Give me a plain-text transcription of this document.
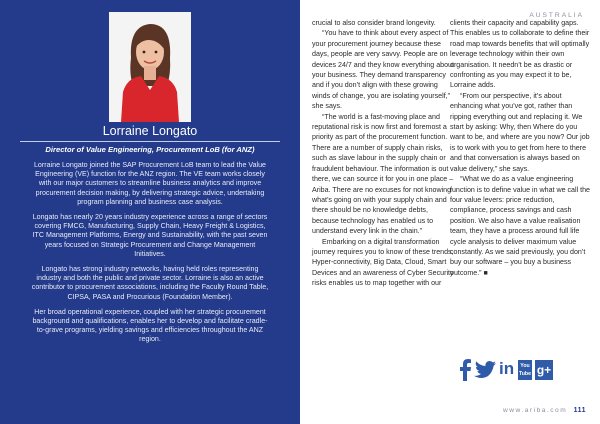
Lorraine Longato
Director of Value Engineering, Procurement LoB (for ANZ)

Lorraine Longato joined the SAP Procurement LoB team to lead the Value Engineering (VE) function for the ANZ region. The VE team works closely with our major customers to streamline business analytics and improve procurement decision making, by delivering strategic advice, undertaking program planning and business case analysis.

Longato has nearly 20 years industry experience across a range of sectors covering FMCG, Manufacturing, Supply Chain, Heavy Freight & Logistics, ITC Management Platforms, Energy and Sustainability, with the past seven years focused on Strategic Procurement and Change Management Initiatives.

Longato has strong industry networks, having held roles representing industry and both the public and private sector. Lorraine is also an active contributor to procurement associations, including the Faculty Round Table, CIPSA, PASA and Procurious (Foundation Member).

Her broad operational experience, coupled with her strategic procurement background and qualifications, enables her to develop and facilitate cradle-to-grave programs, yielding savings and efficiencies throughout the ANZ region.

AUSTRALIA

crucial to also consider brand longevity.

“You have to think about every aspect of your procurement journey because these days, people are very savvy. People are on devices 24/7 and they know everything about your business. They demand transparency and if you don’t align with these growing winds of change, you are isolating yourself,” she says.

“The world is a fast-moving place and reputational risk is now first and foremost a priority as part of the procurement function. There are a number of supply chain risks, such as slave labour in the supply chain or fraudulent behaviour. The information is out there, we can source it for you in one place – Ariba. There are no excuses for not knowing what’s going on with your supply chain and there should be no knowledge debts, because technology has enabled us to understand every link in the chain.”

Embarking on a digital transformation journey requires you to know of these trends, Hyper-connectivity, Big Data, Cloud, Smart Devices and an awareness of Cyber Security risks enables us to map together with our

clients their capacity and capability gaps. This enables us to collaborate to define their road map towards benefits that will optimally leverage technology within their own organisation. It needn’t be as drastic or confronting as you may expect it to be, Lorraine adds.

“From our perspective, it’s about enhancing what you’ve got, rather than ripping everything out and replacing it. We start by asking: Why, then Where do you want to be, and where are you now? Our job is to work with you to get from here to there and that conversation is always based on value delivery,” she says.

“What we do as a value engineering function is to define value in what we call the four value levers: price reduction, compliance, process savings and cash position. We also have a value realisation team, they have a process around full life cycle analysis to deliver maximum value constantly. As we said previously, you don’t buy our software – you buy a business outcome.” ■

in	You
Tube g+
www.ariba.com 111
